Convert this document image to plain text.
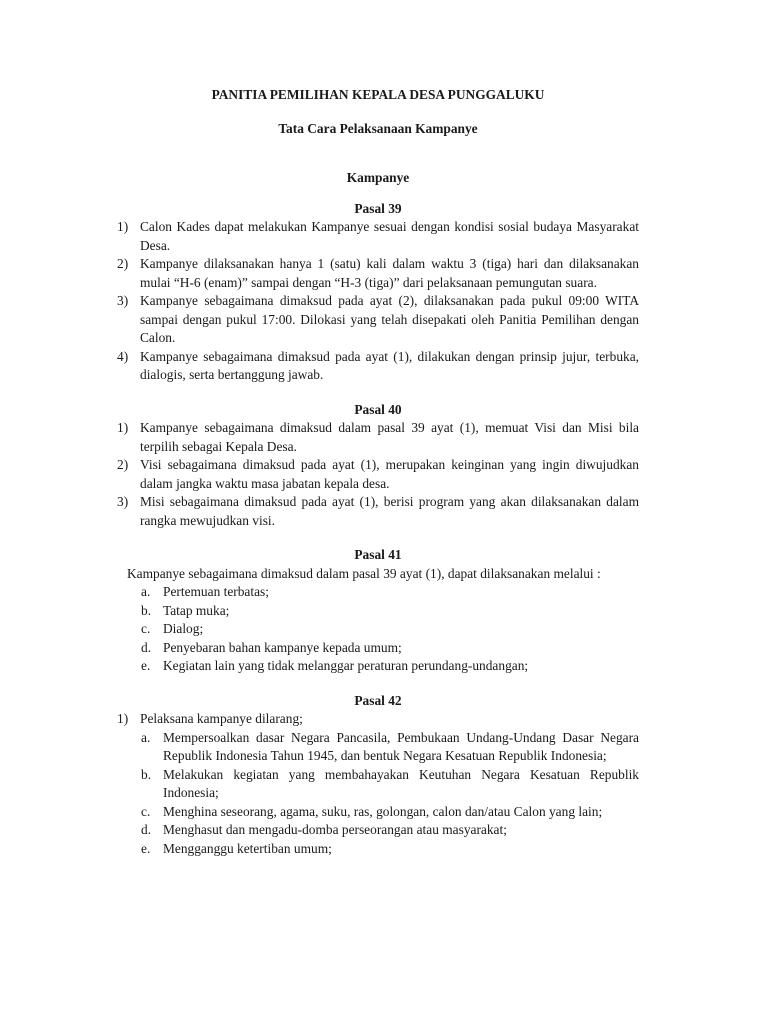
PANITIA PEMILIHAN KEPALA DESA PUNGGALUKU
Tata Cara Pelaksanaan Kampanye
Kampanye
Pasal 39
1) Calon Kades dapat melakukan Kampanye sesuai dengan kondisi sosial budaya Masyarakat Desa.
2) Kampanye dilaksanakan hanya 1 (satu) kali dalam waktu 3 (tiga) hari dan dilaksanakan mulai “H-6 (enam)” sampai dengan “H-3 (tiga)” dari pelaksanaan pemungutan suara.
3) Kampanye sebagaimana dimaksud pada ayat (2), dilaksanakan pada pukul 09:00 WITA sampai dengan pukul 17:00. Dilokasi yang telah disepakati oleh Panitia Pemilihan dengan Calon.
4) Kampanye sebagaimana dimaksud pada ayat (1), dilakukan dengan prinsip jujur, terbuka, dialogis, serta bertanggung jawab.
Pasal 40
1) Kampanye sebagaimana dimaksud dalam pasal 39 ayat (1), memuat Visi dan Misi bila terpilih sebagai Kepala Desa.
2) Visi sebagaimana dimaksud pada ayat (1), merupakan keinginan yang ingin diwujudkan dalam jangka waktu masa jabatan kepala desa.
3) Misi sebagaimana dimaksud pada ayat (1), berisi program yang akan dilaksanakan dalam rangka mewujudkan visi.
Pasal 41
Kampanye sebagaimana dimaksud dalam pasal 39 ayat (1), dapat dilaksanakan melalui :
a. Pertemuan terbatas;
b. Tatap muka;
c. Dialog;
d. Penyebaran bahan kampanye kepada umum;
e. Kegiatan lain yang tidak melanggar peraturan perundang-undangan;
Pasal 42
1) Pelaksana kampanye dilarang;
a. Mempersoalkan dasar Negara Pancasila, Pembukaan Undang-Undang Dasar Negara Republik Indonesia Tahun 1945, dan bentuk Negara Kesatuan Republik Indonesia;
b. Melakukan kegiatan yang membahayakan Keutuhan Negara Kesatuan Republik Indonesia;
c. Menghina seseorang, agama, suku, ras, golongan, calon dan/atau Calon yang lain;
d. Menghasut dan mengadu-domba perseorangan atau masyarakat;
e. Mengganggu ketertiban umum;
